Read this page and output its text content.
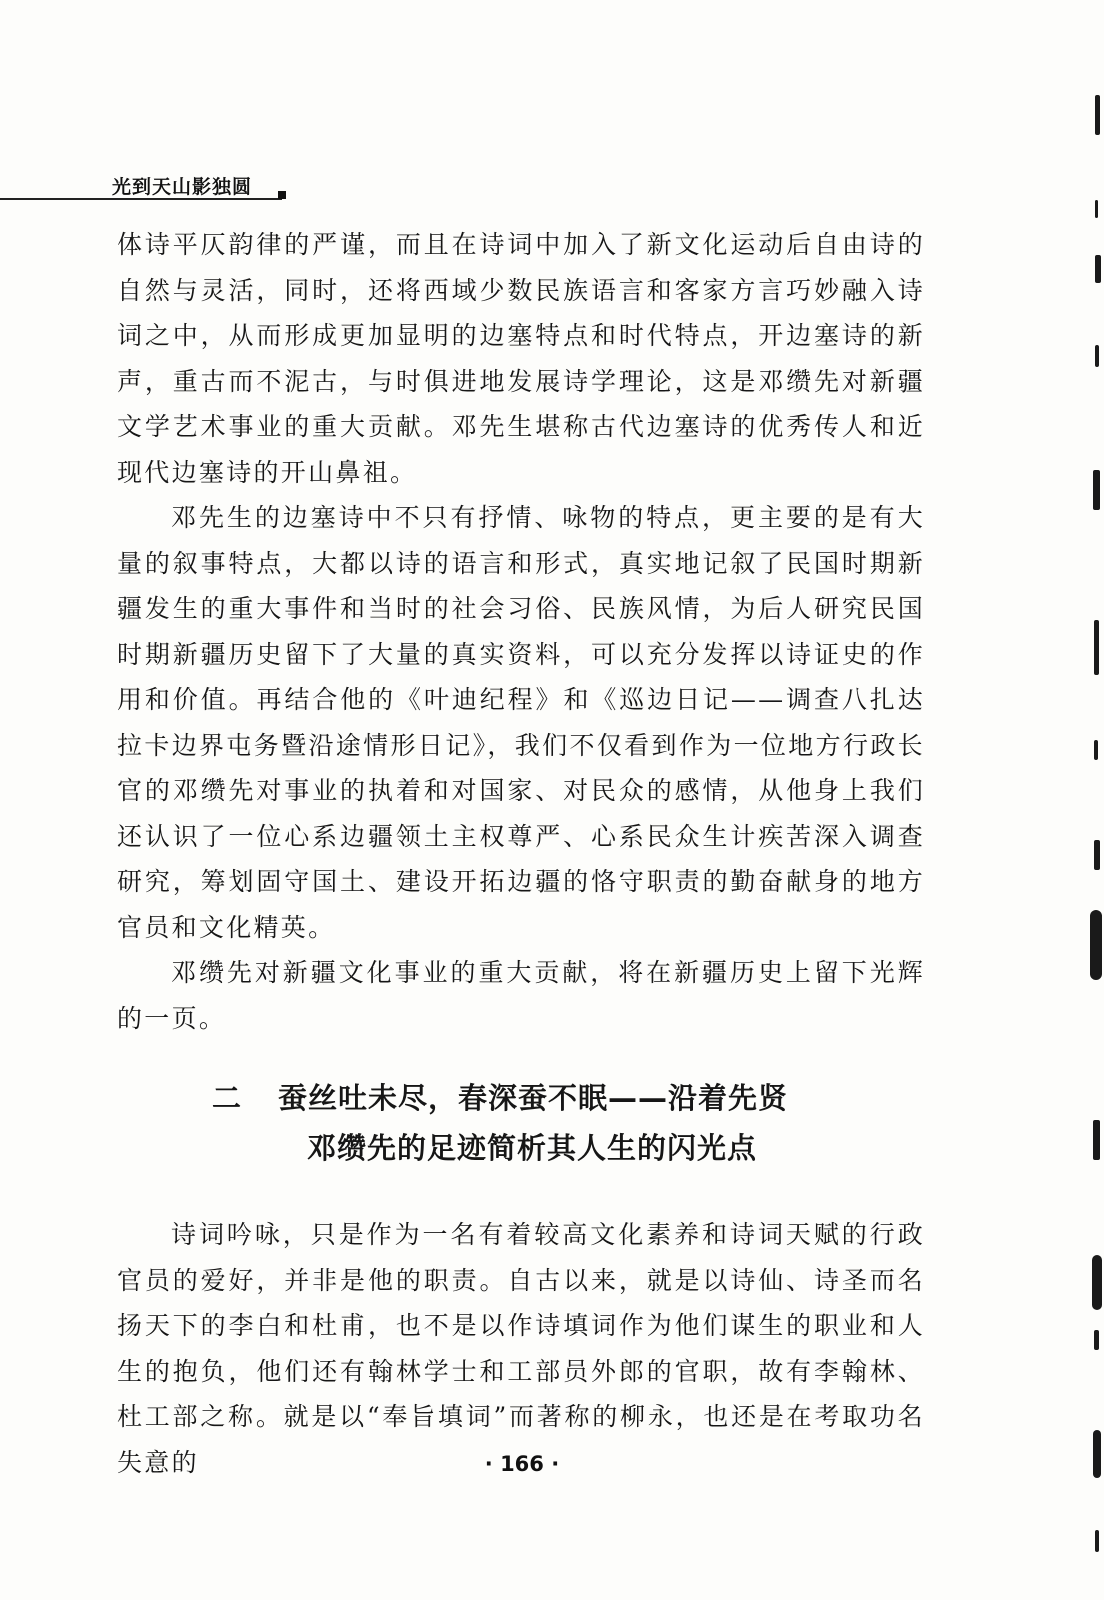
光到天山影独圆

体诗平仄韵律的严谨，而且在诗词中加入了新文化运动后自由诗的自然与灵活，同时，还将西域少数民族语言和客家方言巧妙融入诗词之中，从而形成更加显明的边塞特点和时代特点，开边塞诗的新声，重古而不泥古，与时俱进地发展诗学理论，这是邓缵先对新疆文学艺术事业的重大贡献。邓先生堪称古代边塞诗的优秀传人和近现代边塞诗的开山鼻祖。

邓先生的边塞诗中不只有抒情、咏物的特点，更主要的是有大量的叙事特点，大都以诗的语言和形式，真实地记叙了民国时期新疆发生的重大事件和当时的社会习俗、民族风情，为后人研究民国时期新疆历史留下了大量的真实资料，可以充分发挥以诗证史的作用和价值。再结合他的《叶迪纪程》和《巡边日记——调查八扎达拉卡边界屯务暨沿途情形日记》，我们不仅看到作为一位地方行政长官的邓缵先对事业的执着和对国家、对民众的感情，从他身上我们还认识了一位心系边疆领土主权尊严、心系民众生计疾苦深入调查研究，筹划固守国土、建设开拓边疆的恪守职责的勤奋献身的地方官员和文化精英。

邓缵先对新疆文化事业的重大贡献，将在新疆历史上留下光辉的一页。

二 蚕丝吐未尽，春深蚕不眠——沿着先贤
邓缵先的足迹简析其人生的闪光点

诗词吟咏，只是作为一名有着较高文化素养和诗词天赋的行政官员的爱好，并非是他的职责。自古以来，就是以诗仙、诗圣而名扬天下的李白和杜甫，也不是以作诗填词作为他们谋生的职业和人生的抱负，他们还有翰林学士和工部员外郎的官职，故有李翰林、杜工部之称。就是以“奉旨填词”而著称的柳永，也还是在考取功名失意的	· 166 ·
